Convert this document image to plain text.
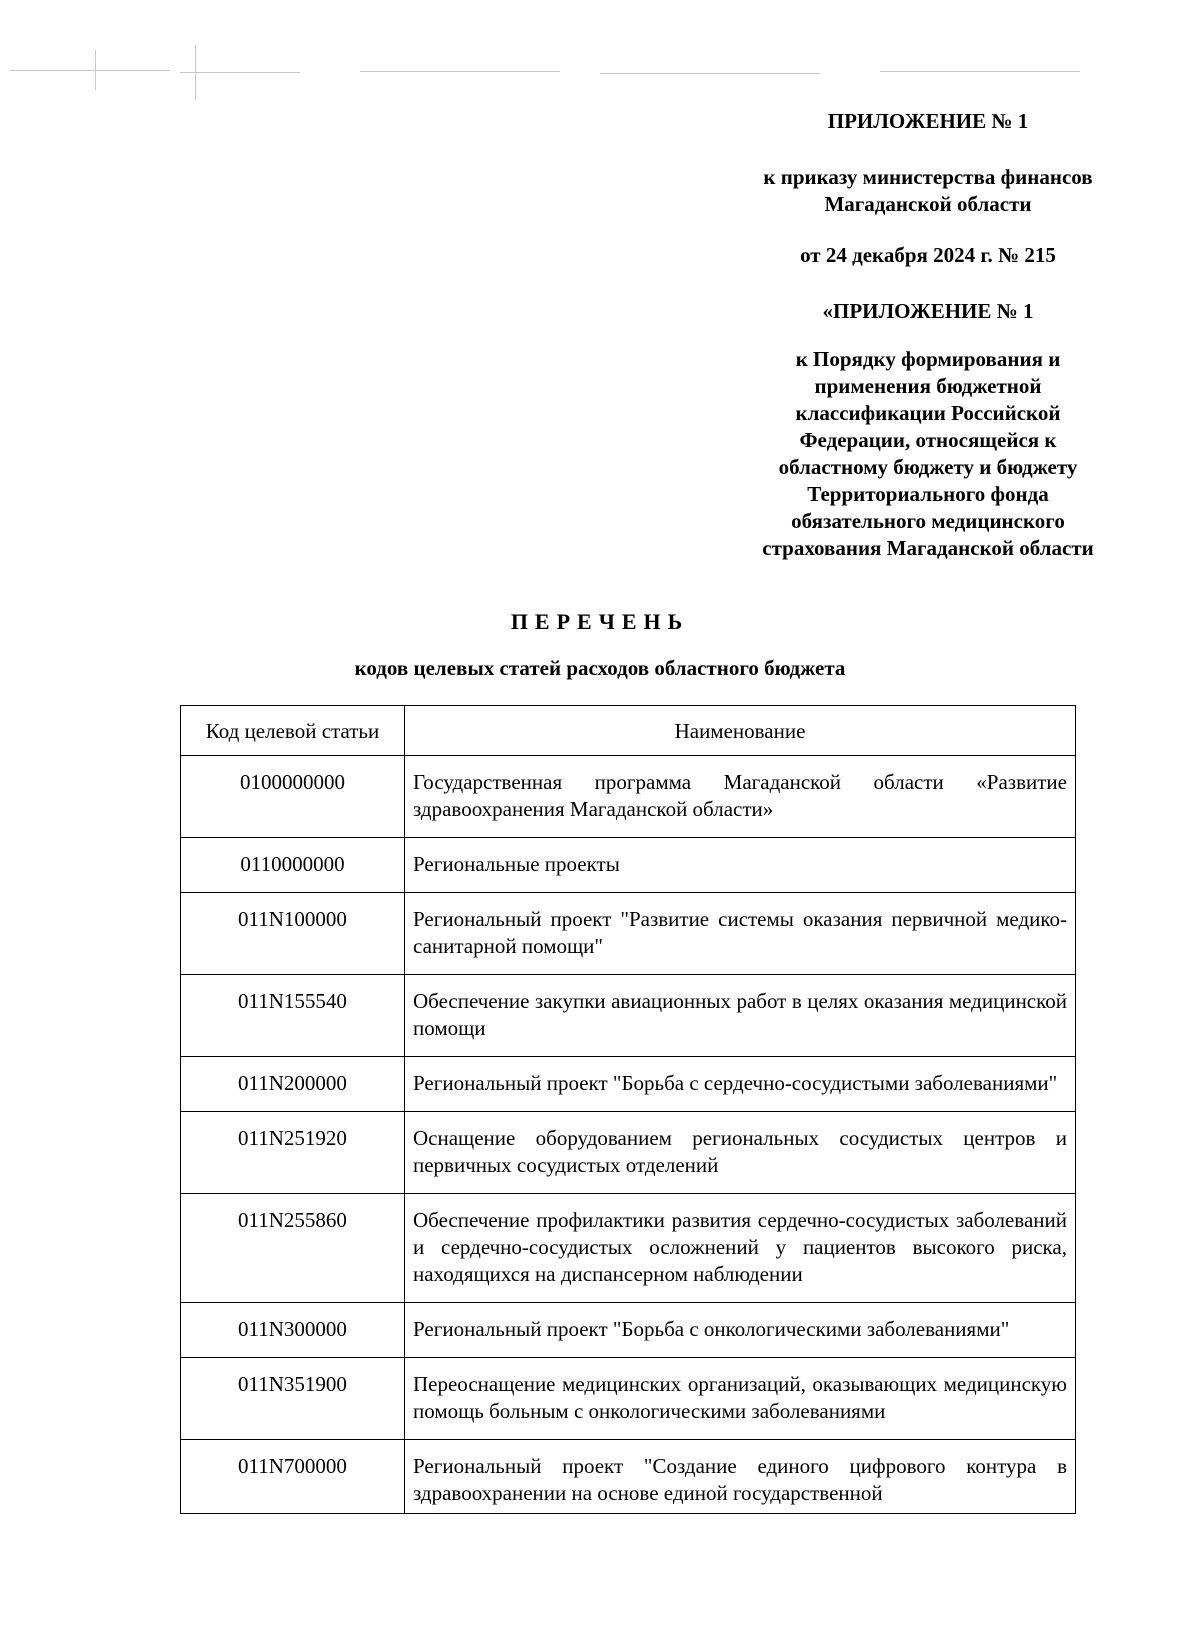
ПРИЛОЖЕНИЕ № 1

к приказу министерства финансов

Магаданской области

от 24 декабря 2024 г. № 215

«ПРИЛОЖЕНИЕ № 1

к Порядку формирования и

применения бюджетной

классификации Российской

Федерации, относящейся к

областному бюджету и бюджету

Территориального фонда

обязательного медицинского

страхования Магаданской области

ПЕРЕЧЕНЬ
кодов целевых статей расходов областного бюджета
Код целевой статьи	Наименование
0100000000	Государственная программа Магаданской области «Развитие здравоохранения Магаданской области»
0110000000	Региональные проекты
011N100000	Региональный проект "Развитие системы оказания первичной медико-санитарной помощи"
011N155540	Обеспечение закупки авиационных работ в целях оказания медицинской помощи
011N200000	Региональный проект "Борьба с сердечно-сосудистыми заболеваниями"
011N251920	Оснащение оборудованием региональных сосудистых центров и первичных сосудистых отделений
011N255860	Обеспечение профилактики развития сердечно-сосудистых заболеваний и сердечно-сосудистых осложнений у пациентов высокого риска, находящихся на диспансерном наблюдении
011N300000	Региональный проект "Борьба с онкологическими заболеваниями"
011N351900	Переоснащение медицинских организаций, оказывающих медицинскую помощь больным с онкологическими заболеваниями
011N700000	Региональный проект "Создание единого цифрового контура в здравоохранении на основе единой государственной
